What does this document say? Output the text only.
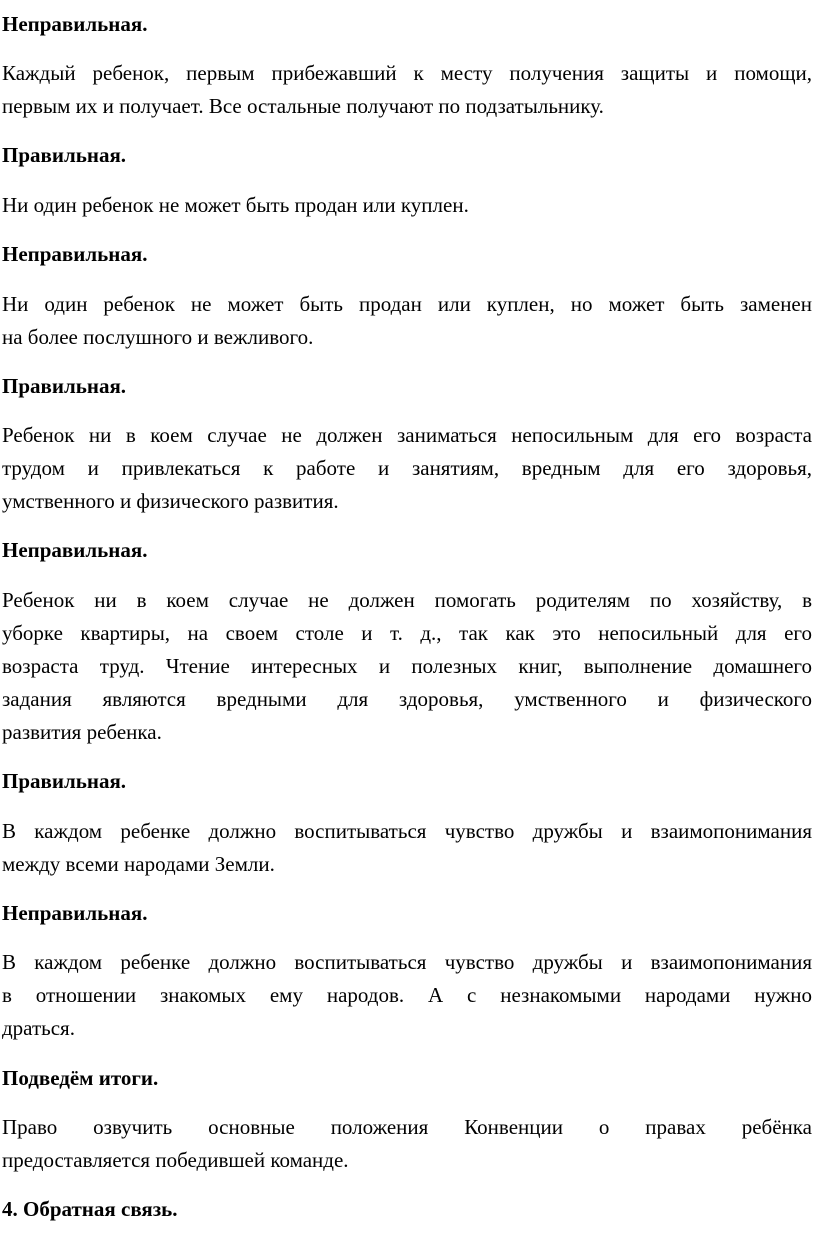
Неправильная.

Каждый ребенок, первым прибежавший к месту получения защиты и помощи,

первым их и получает. Все остальные получают по подзатыльнику.

Правильная.

Ни один ребенок не может быть продан или куплен.

Неправильная.

Ни один ребенок не может быть продан или куплен, но может быть заменен

на более послушного и вежливого.

Правильная.

Ребенок ни в коем случае не должен заниматься непосильным для его возраста

трудом и привлекаться к работе и занятиям, вредным для его здоровья,

умственного и физического развития.

Неправильная.

Ребенок ни в коем случае не должен помогать родителям по хозяйству, в

уборке квартиры, на своем столе и т. д., так как это непосильный для его

возраста труд. Чтение интересных и полезных книг, выполнение домашнего

задания являются вредными для здоровья, умственного и физического

развития ребенка.

Правильная.

В каждом ребенке должно воспитываться чувство дружбы и взаимопонимания

между всеми народами Земли.

Неправильная.

В каждом ребенке должно воспитываться чувство дружбы и взаимопонимания

в отношении знакомых ему народов. А с незнакомыми народами нужно

драться.

Подведём итоги.

Право озвучить основные положения Конвенции о правах ребёнка

предоставляется победившей команде.

4. Обратная связь.
